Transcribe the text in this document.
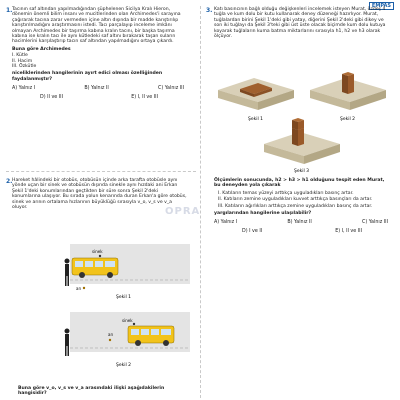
EMPAS
OPRA
1. Tacının saf altından yapılmadığından şüphelenen Sicilya Kralı Hieron, dönemin önemli bilim insanı ve mucitlerinden olan Archimedes'i sarayına çağırarak tacına zarar vermeden içine altın dışında bir madde karıştırılıp karıştırılmadığını araştırmasını istedi. Tacı parçalayıp inceleme imkânı olmayan Archimedes bir taşırma kabına kralın tacını, bir başka taşırma kabına ise kralın tacı ile aynı kütledeki saf altını bırakarak taşan suların hacimlerini karşılaştırıp tacın saf altından yapılmadığını ortaya çıkardı.
Buna göre Archimedes
I. Kütle
II. Hacim
III. Özkütle
niceliklerinden hangilerinin ayırt edici olması özelliğinden faydalanmıştır?
A) Yalnız I	B) Yalnız II	C) Yalnız III
D) II ve III	E) I, II ve III
2. Hareket hâlindeki bir otobüs, otobüsün içinde arka tarafta otobüsle aynı yönde uçan bir sinek ve otobüsün dışında sinekle aynı hızdaki ani Erkan Şekil 1'deki konumlarından geçtikten bir süre sonra Şekil 2'deki konumlarına ulaşıyor. Bu sırada yolun kenarında duran Erkan'a göre otobüs, sinek ve arının ortalama hızlarının büyüklüğü sırasıyla v_o, v_s ve v_a oluyor.
sinek
arı
Şekil 1
sinek
arı
Şekil 2
Buna göre v_o, v_s ve v_a arasındaki ilişki aşağıdakilerin hangisidir?
3. Katı basıncının bağlı olduğu değişkenleri incelemek isteyen Murat, özdeş 4 tuğla ve kum dolu bir kutu kullanarak deney düzeneği hazırlıyor. Murat, tuğlalardan birini Şekil 1'deki gibi yatay, diğerini Şekil 2'deki gibi dikey ve son iki tuğlayı da Şekil 3'teki gibi üst üste olacak biçimde kum dolu kutuya koyarak tuğlaların kuma batma miktarlarını sırasıyla h1, h2 ve h3 olarak ölçüyor.
Şekil 1	Şekil 2
Şekil 3
Ölçümlerin sonucunda, h2 > h3 > h1 olduğunu tespit eden Murat, bu deneyden yola çıkarak
I. Katıların temas yüzeyi arttıkça uyguladıkları basınç artar.
II. Katıların zemine uyguladıkları kuvvet arttıkça basınçları da artar.
III. Katıların ağırlıkları arttıkça zemine uyguladıkları basınç da artar.
yargılarından hangilerine ulaşılabilir?
A) Yalnız I	B) Yalnız II	C) Yalnız III
D) I ve II	E) I, II ve III
